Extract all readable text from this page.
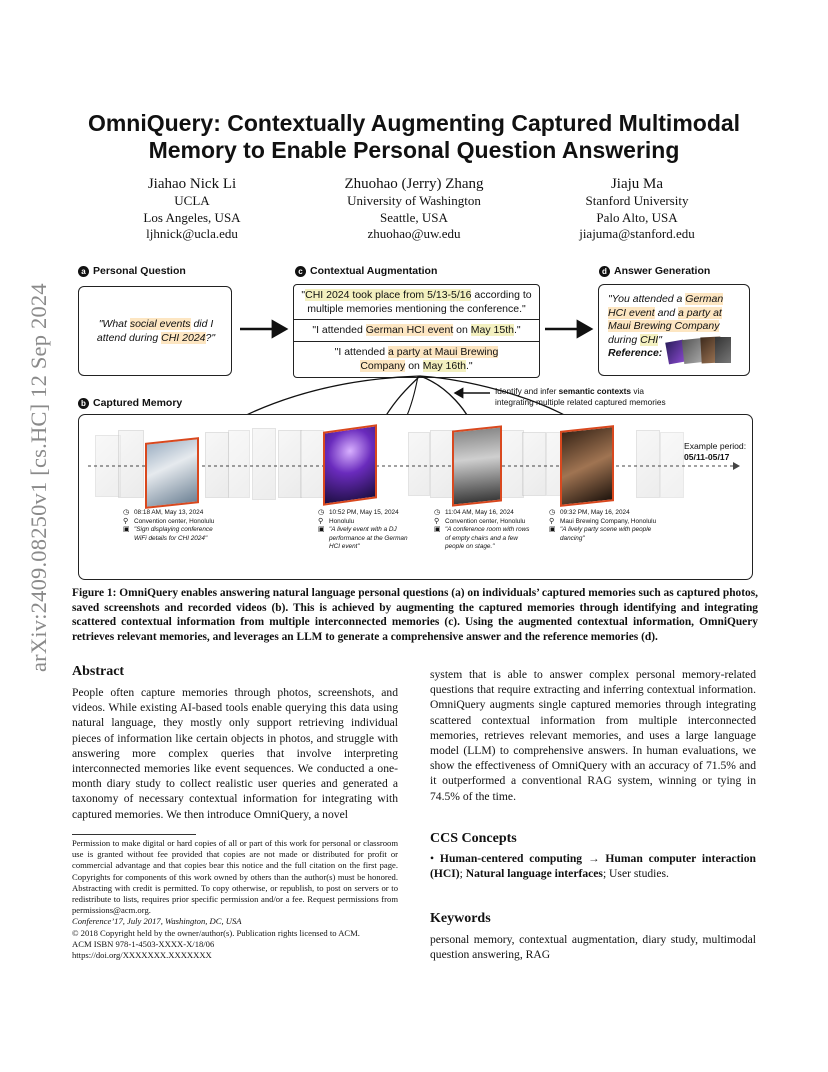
arXiv:2409.08250v1 [cs.HC] 12 Sep 2024
OmniQuery: Contextually Augmenting Captured Multimodal
Memory to Enable Personal Question Answering
Jiahao Nick Li
UCLA
Los Angeles, USA
ljhnick@ucla.edu
Zhuohao (Jerry) Zhang
University of Washington
Seattle, USA
zhuohao@uw.edu
Jiaju Ma
Stanford University
Palo Alto, USA
jiajuma@stanford.edu
a Personal Question
"What social events did I attend during CHI 2024?"
c Contextual Augmentation
"CHI 2024 took place from 5/13-5/16 according to multiple memories mentioning the conference."
"I attended German HCI event on May 15th."
"I attended a party at Maui Brewing Company on May 16th."
d Answer Generation
"You attended a German HCI event and a party at Maui Brewing Company during CHI"
Reference:
Identify and infer semantic contexts via
integrating multiple related captured memories
b Captured Memory
Example period:
05/11-05/17
◷ 08:18 AM, May 13, 2024
⚲ Convention center, Honolulu
▣ "Sign displaying conference WiFi details for CHI 2024"
◷ 10:52 PM, May 15, 2024
⚲ Honolulu
▣ "A lively event with a DJ performance at the German HCI event"
◷ 11:04 AM, May 16, 2024
⚲ Convention center, Honolulu
▣ "A conference room with rows of empty chairs and a few people on stage."
◷ 09:32 PM, May 16, 2024
⚲ Maui Brewing Company, Honolulu
▣ "A lively party scene with people dancing"
Figure 1: OmniQuery enables answering natural language personal questions (a) on individuals’ captured memories such as captured photos, saved screenshots and recorded videos (b). This is achieved by augmenting the captured memories through identifying and integrating scattered contextual information from multiple interconnected memories (c). Using the augmented contextual information, OmniQuery retrieves relevant memories, and leverages an LLM to generate a comprehensive answer and the reference memories (d).
Abstract
People often capture memories through photos, screenshots, and videos. While existing AI-based tools enable querying this data using natural language, they mostly only support retrieving individual pieces of information like certain objects in photos, and struggle with answering more complex queries that involve interpreting interconnected memories like event sequences. We conducted a one-month diary study to collect realistic user queries and generated a taxonomy of necessary contextual information for integrating with captured memories. We then introduce OmniQuery, a novel
system that is able to answer complex personal memory-related questions that require extracting and inferring contextual information. OmniQuery augments single captured memories through integrating scattered contextual information from multiple interconnected memories, retrieves relevant memories, and uses a large language model (LLM) to comprehensive answers. In human evaluations, we show the effectiveness of OmniQuery with an accuracy of 71.5% and it outperformed a conventional RAG system, winning or tying in 74.5% of the time.
CCS Concepts
• Human-centered computing → Human computer interaction (HCI); Natural language interfaces; User studies.
Keywords
personal memory, contextual augmentation, diary study, multimodal question answering, RAG
Permission to make digital or hard copies of all or part of this work for personal or classroom use is granted without fee provided that copies are not made or distributed for profit or commercial advantage and that copies bear this notice and the full citation on the first page. Copyrights for components of this work owned by others than the author(s) must be honored. Abstracting with credit is permitted. To copy otherwise, or republish, to post on servers or to redistribute to lists, requires prior specific permission and/or a fee. Request permissions from permissions@acm.org.
Conference’17, July 2017, Washington, DC, USA
© 2018 Copyright held by the owner/author(s). Publication rights licensed to ACM.
ACM ISBN 978-1-4503-XXXX-X/18/06
https://doi.org/XXXXXXX.XXXXXXX
